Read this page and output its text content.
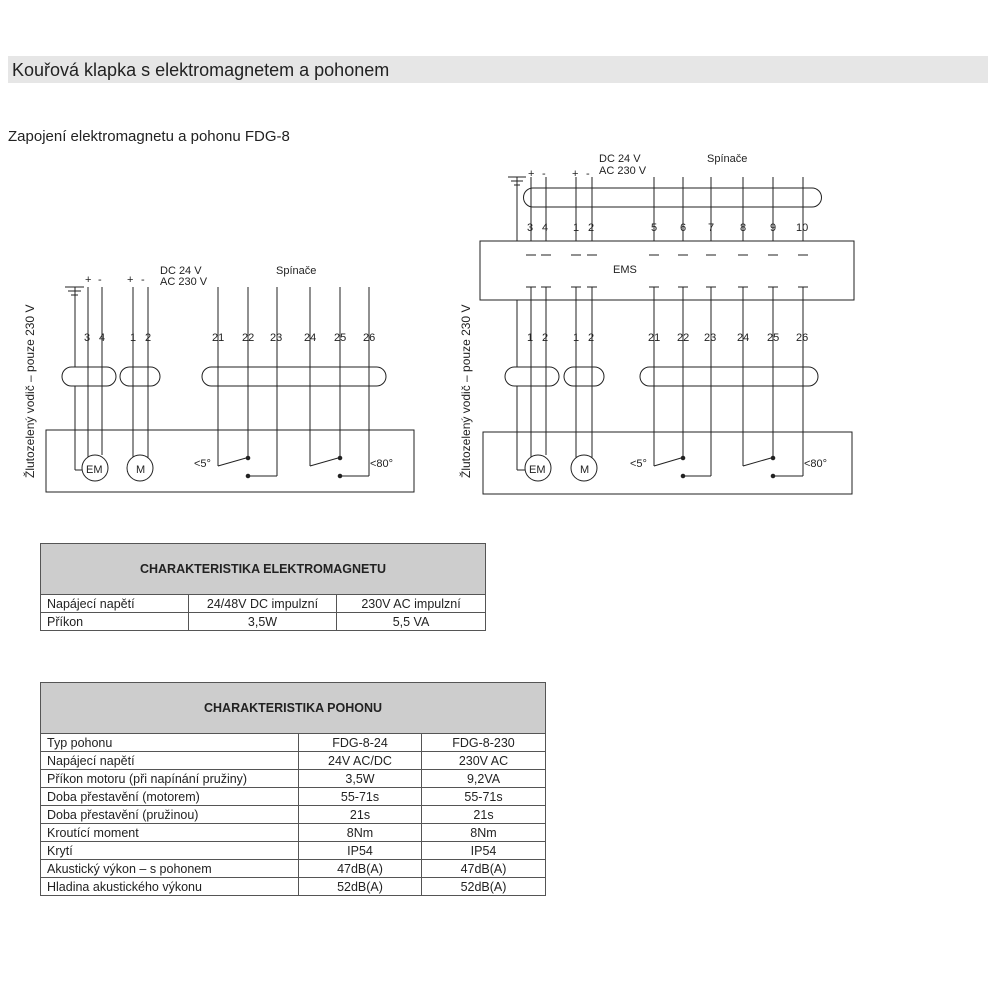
Kouřová klapka s elektromagnetem a pohonem
Zapojení elektromagnetu a pohonu FDG-8
Žlutozelený vodič – pouze 230 V
+ - + -
DC 24 V
AC 230 V
Spínače
3 4 1 2	21 22 23 24 25 26
EM	M	<5°	<80°	Žlutozelený vodič – pouze 230 V
+ - + -
DC 24 V
AC 230 V
Spínače
3 4 1 2	5 6 7 8 9 10
EMS
1 2 1 2	21 22 23 24 25 26
EM	M	<5°	<80°
CHARAKTERISTIKA ELEKTROMAGNETU		
Napájecí napětí	24/48V DC impulzní	230V AC impulzní
Příkon	3,5W	5,5 VA
CHARAKTERISTIKA POHONU		
Typ pohonu	FDG-8-24	FDG-8-230
Napájecí napětí	24V AC/DC	230V AC
Příkon motoru (při napínání pružiny)	3,5W	9,2VA
Doba přestavění (motorem)	55-71s	55-71s
Doba přestavění (pružinou)	21s	21s
Kroutící moment	8Nm	8Nm
Krytí	IP54	IP54
Akustický výkon – s pohonem	47dB(A)	47dB(A)
Hladina akustického výkonu	52dB(A)	52dB(A)
